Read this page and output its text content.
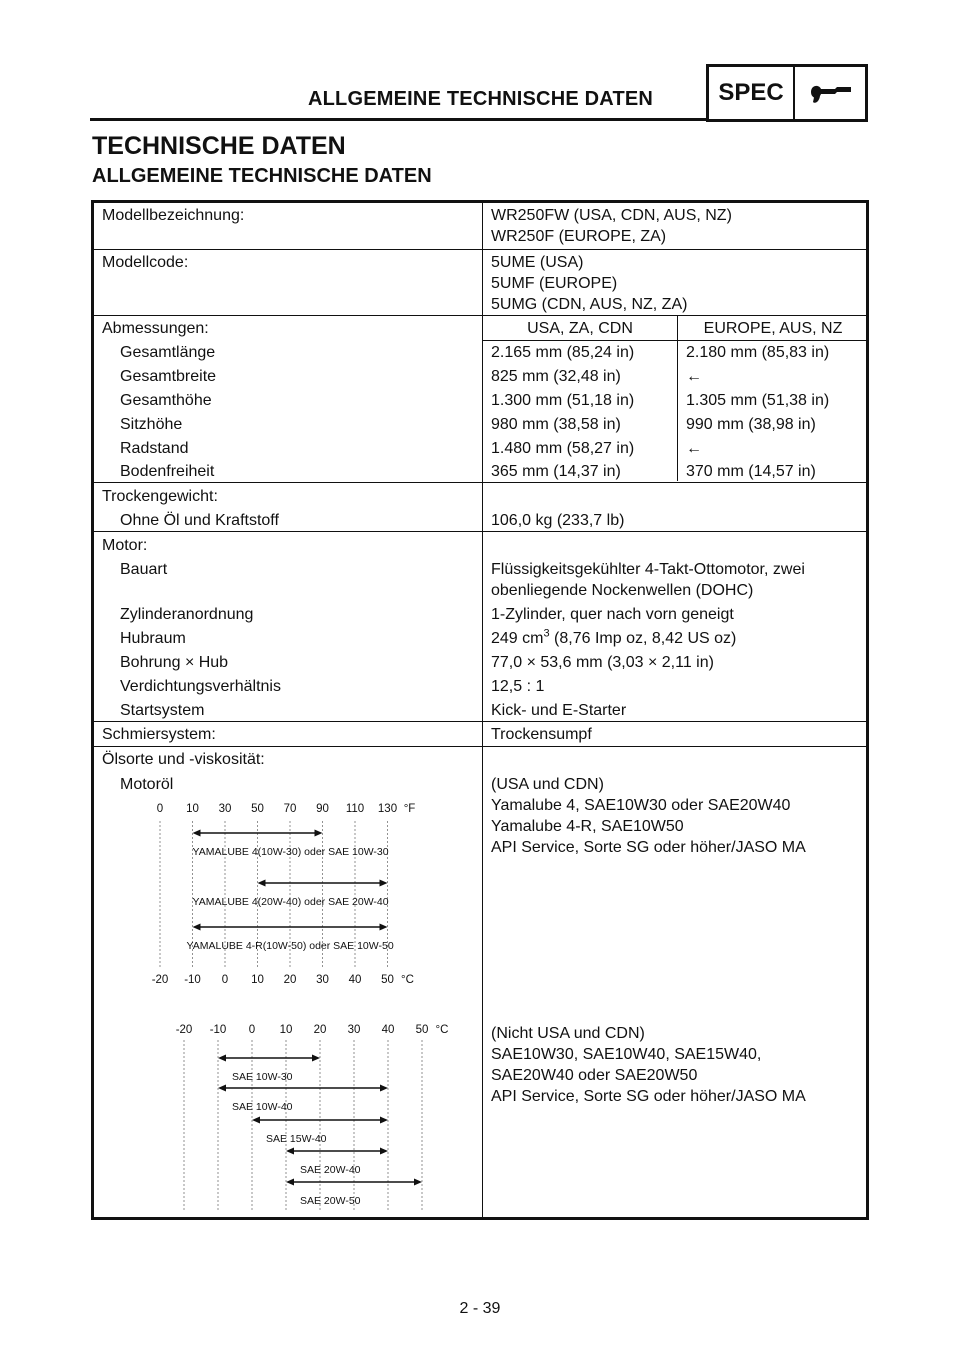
ALLGEMEINE TECHNISCHE DATEN	SPEC
TECHNISCHE DATEN
ALLGEMEINE TECHNISCHE DATEN
Modellbezeichnung:	WR250FW (USA, CDN, AUS, NZ)
WR250F (EUROPE, ZA)
Modellcode:	5UME (USA)
5UMF (EUROPE)
5UMG (CDN, AUS, NZ, ZA)
Abmessungen:	USA, ZA, CDN	EUROPE, AUS, NZ
Gesamtlänge	2.165 mm (85,24 in)	2.180 mm (85,83 in)
Gesamtbreite	825 mm (32,48 in)	←
Gesamthöhe	1.300 mm (51,18 in)	1.305 mm (51,38 in)
Sitzhöhe	980 mm (38,58 in)	990 mm (38,98 in)
Radstand	1.480 mm (58,27 in)	←
Bodenfreiheit	365 mm (14,37 in)	370 mm (14,57 in)
Trockengewicht:
Ohne Öl und Kraftstoff	106,0 kg (233,7 lb)
Motor:
Bauart	Flüssigkeitsgekühlter 4-Takt-Ottomotor, zwei
obenliegende Nockenwellen (DOHC)
Zylinderanordnung	1-Zylinder, quer nach vorn geneigt
Hubraum	249 $cm^3$ (8,76 Imp oz, 8,42 US oz)
Bohrung × Hub	77,0 × 53,6 mm (3,03 × 2,11 in)
Verdichtungsverhältnis	12,5 : 1
Startsystem	Kick- und E-Starter
Schmiersystem:	Trockensumpf
Ölsorte und -viskosität:
Motoröl	(USA und CDN)
Yamalube 4, SAE10W30 oder SAE20W40
Yamalube 4-R, SAE10W50
API Service, Sorte SG oder höher/JASO MA
(Nicht USA und CDN)
SAE10W30, SAE10W40, SAE15W40,
SAE20W40 oder SAE20W50
API Service, Sorte SG oder höher/JASO MA
0 10 30 50 70 90 110 130 °F
-20 -10 0 10 20 30 40 50 °C
YAMALUBE 4(10W-30) oder SAE 10W-30
YAMALUBE 4(20W-40) oder SAE 20W-40
YAMALUBE 4-R(10W-50) oder SAE 10W-50
-20 -10 0 10 20 30 40 50 °C
SAE 10W-30
SAE 10W-40
SAE 15W-40
SAE 20W-40
SAE 20W-50
2 - 39
